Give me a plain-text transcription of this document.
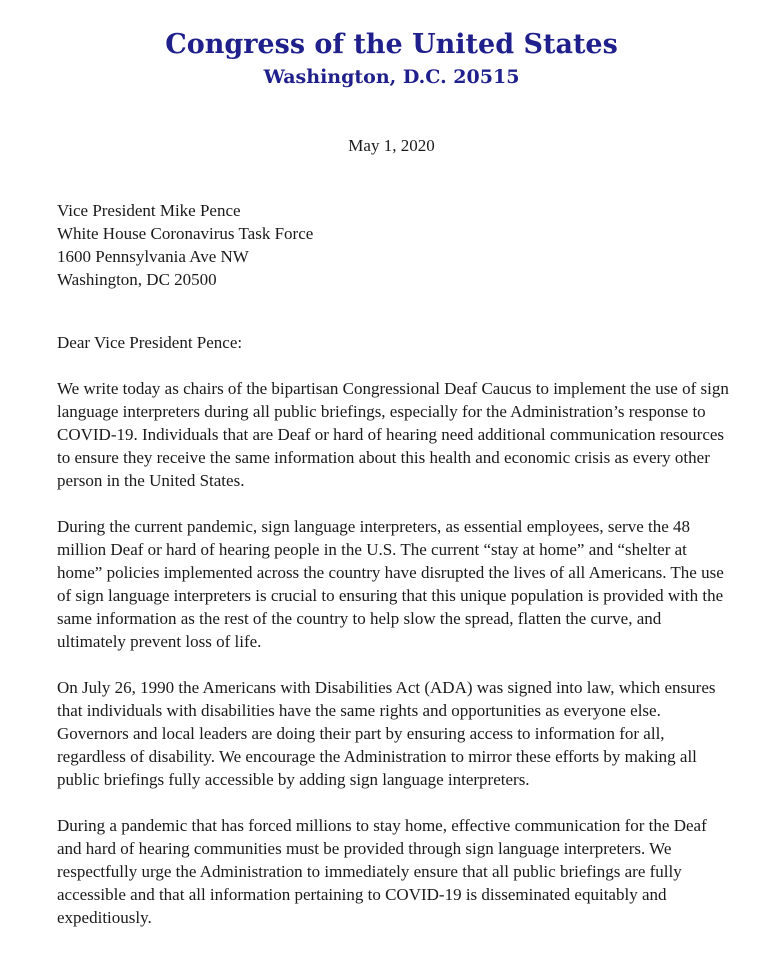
Congress of the United States
Washington, D.C. 20515
May 1, 2020
Vice President Mike Pence
White House Coronavirus Task Force
1600 Pennsylvania Ave NW
Washington, DC 20500
Dear Vice President Pence:

We write today as chairs of the bipartisan Congressional Deaf Caucus to implement the use of sign language interpreters during all public briefings, especially for the Administration’s response to COVID-19. Individuals that are Deaf or hard of hearing need additional communication resources to ensure they receive the same information about this health and economic crisis as every other person in the United States.

During the current pandemic, sign language interpreters, as essential employees, serve the 48 million Deaf or hard of hearing people in the U.S. The current “stay at home” and “shelter at home” policies implemented across the country have disrupted the lives of all Americans. The use of sign language interpreters is crucial to ensuring that this unique population is provided with the same information as the rest of the country to help slow the spread, flatten the curve, and ultimately prevent loss of life.

On July 26, 1990 the Americans with Disabilities Act (ADA) was signed into law, which ensures that individuals with disabilities have the same rights and opportunities as everyone else. Governors and local leaders are doing their part by ensuring access to information for all, regardless of disability. We encourage the Administration to mirror these efforts by making all public briefings fully accessible by adding sign language interpreters.

During a pandemic that has forced millions to stay home, effective communication for the Deaf and hard of hearing communities must be provided through sign language interpreters. We respectfully urge the Administration to immediately ensure that all public briefings are fully accessible and that all information pertaining to COVID-19 is disseminated equitably and expeditiously.
